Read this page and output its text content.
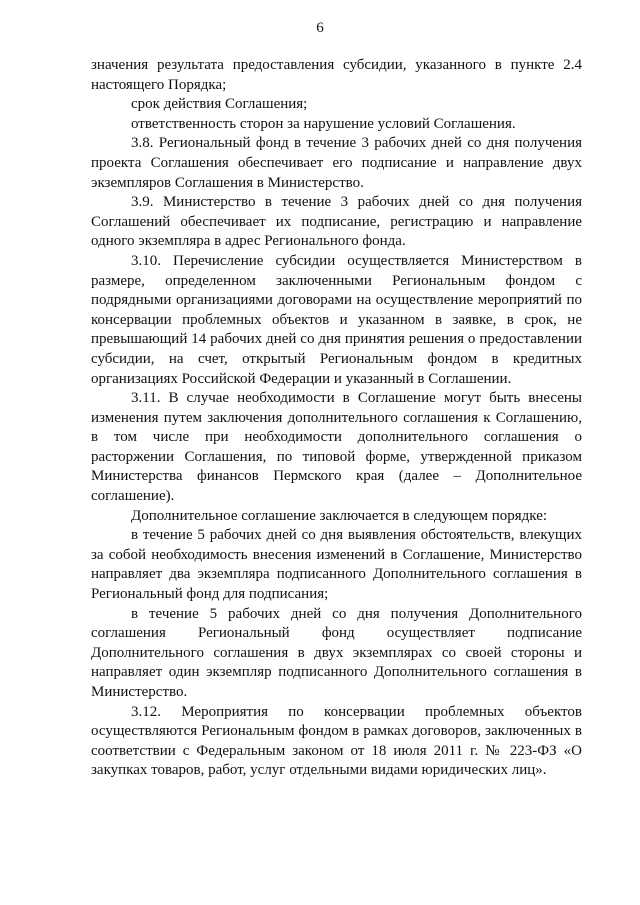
6

значения результата предоставления субсидии, указанного в пункте 2.4 настоящего Порядка;

срок действия Соглашения;

ответственность сторон за нарушение условий Соглашения.

3.8. Региональный фонд в течение 3 рабочих дней со дня получения проекта Соглашения обеспечивает его подписание и направление двух экземпляров Соглашения в Министерство.

3.9. Министерство в течение 3 рабочих дней со дня получения Соглашений обеспечивает их подписание, регистрацию и направление одного экземпляра в адрес Регионального фонда.

3.10. Перечисление субсидии осуществляется Министерством в размере, определенном заключенными Региональным фондом с подрядными организациями договорами на осуществление мероприятий по консервации проблемных объектов и указанном в заявке, в срок, не превышающий 14 рабочих дней со дня принятия решения о предоставлении субсидии, на счет, открытый Региональным фондом в кредитных организациях Российской Федерации и указанный в Соглашении.

3.11. В случае необходимости в Соглашение могут быть внесены изменения путем заключения дополнительного соглашения к Соглашению, в том числе при необходимости дополнительного соглашения о расторжении Соглашения, по типовой форме, утвержденной приказом Министерства финансов Пермского края (далее – Дополнительное соглашение).

Дополнительное соглашение заключается в следующем порядке:

в течение 5 рабочих дней со дня выявления обстоятельств, влекущих за собой необходимость внесения изменений в Соглашение, Министерство направляет два экземпляра подписанного Дополнительного соглашения в Региональный фонд для подписания;

в течение 5 рабочих дней со дня получения Дополнительного соглашения Региональный фонд осуществляет подписание Дополнительного соглашения в двух экземплярах со своей стороны и направляет один экземпляр подписанного Дополнительного соглашения в Министерство.

3.12. Мероприятия по консервации проблемных объектов осуществляются Региональным фондом в рамках договоров, заключенных в соответствии с Федеральным законом от 18 июля 2011 г. № 223-ФЗ «О закупках товаров, работ, услуг отдельными видами юридических лиц».
